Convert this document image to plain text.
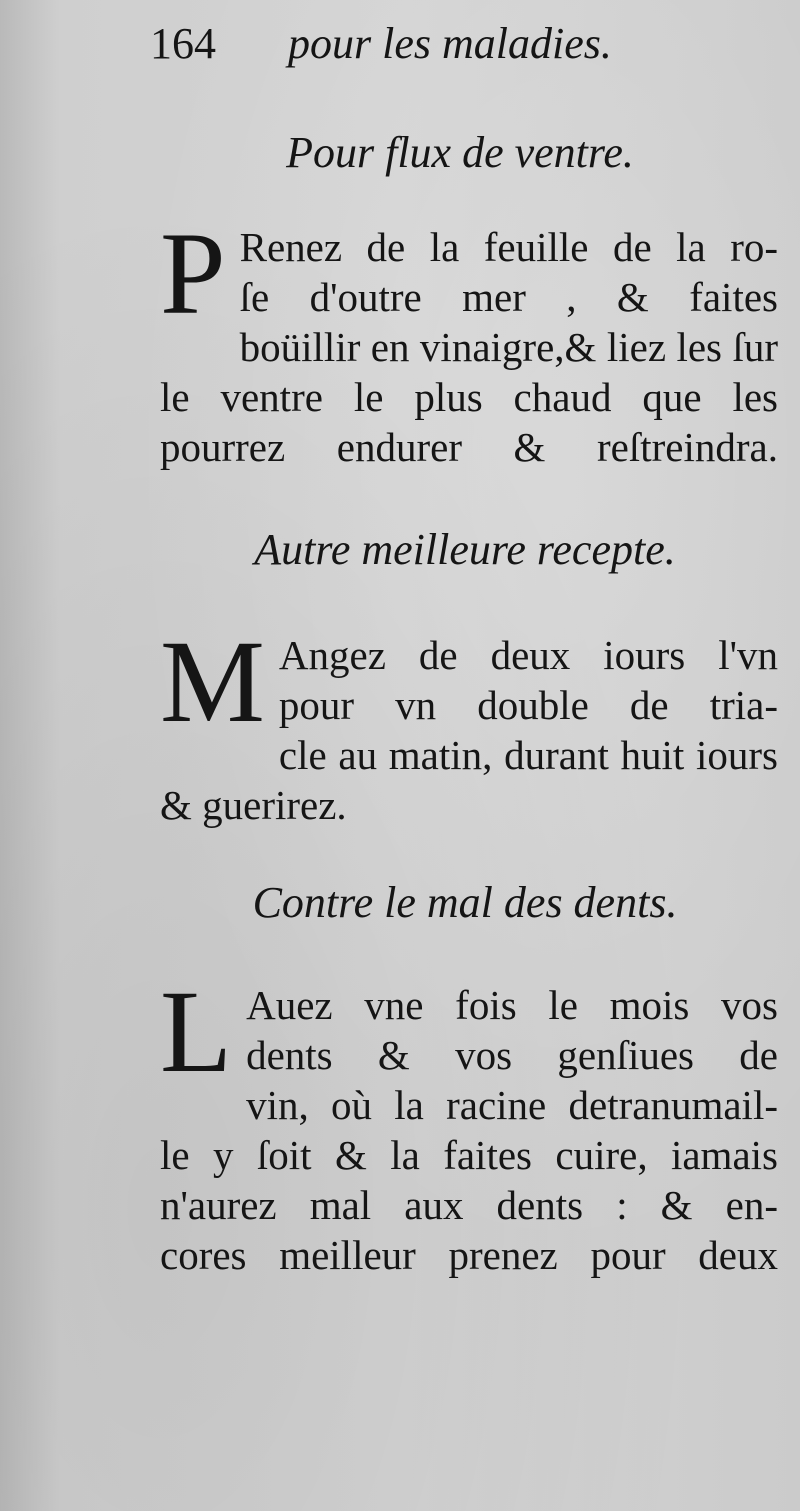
164 pour les maladies.
Pour flux de ventre.
P Renez de la feuille de la ro-
ſe d'outre mer , & faites
boüillir en vinaigre,& liez les ſur
le ventre le plus chaud que les
pourrez endurer & reſtreindra.
Autre meilleure recepte.
M Angez de deux iours l'vn
pour vn double de tria-
cle au matin, durant huit iours
& guerirez.
Contre le mal des dents.
L Auez vne fois le mois vos
dents & vos genſiues de
vin, où la racine detranumail-
le y ſoit & la faites cuire, iamais
n'aurez mal aux dents : & en-
cores meilleur prenez pour deux
